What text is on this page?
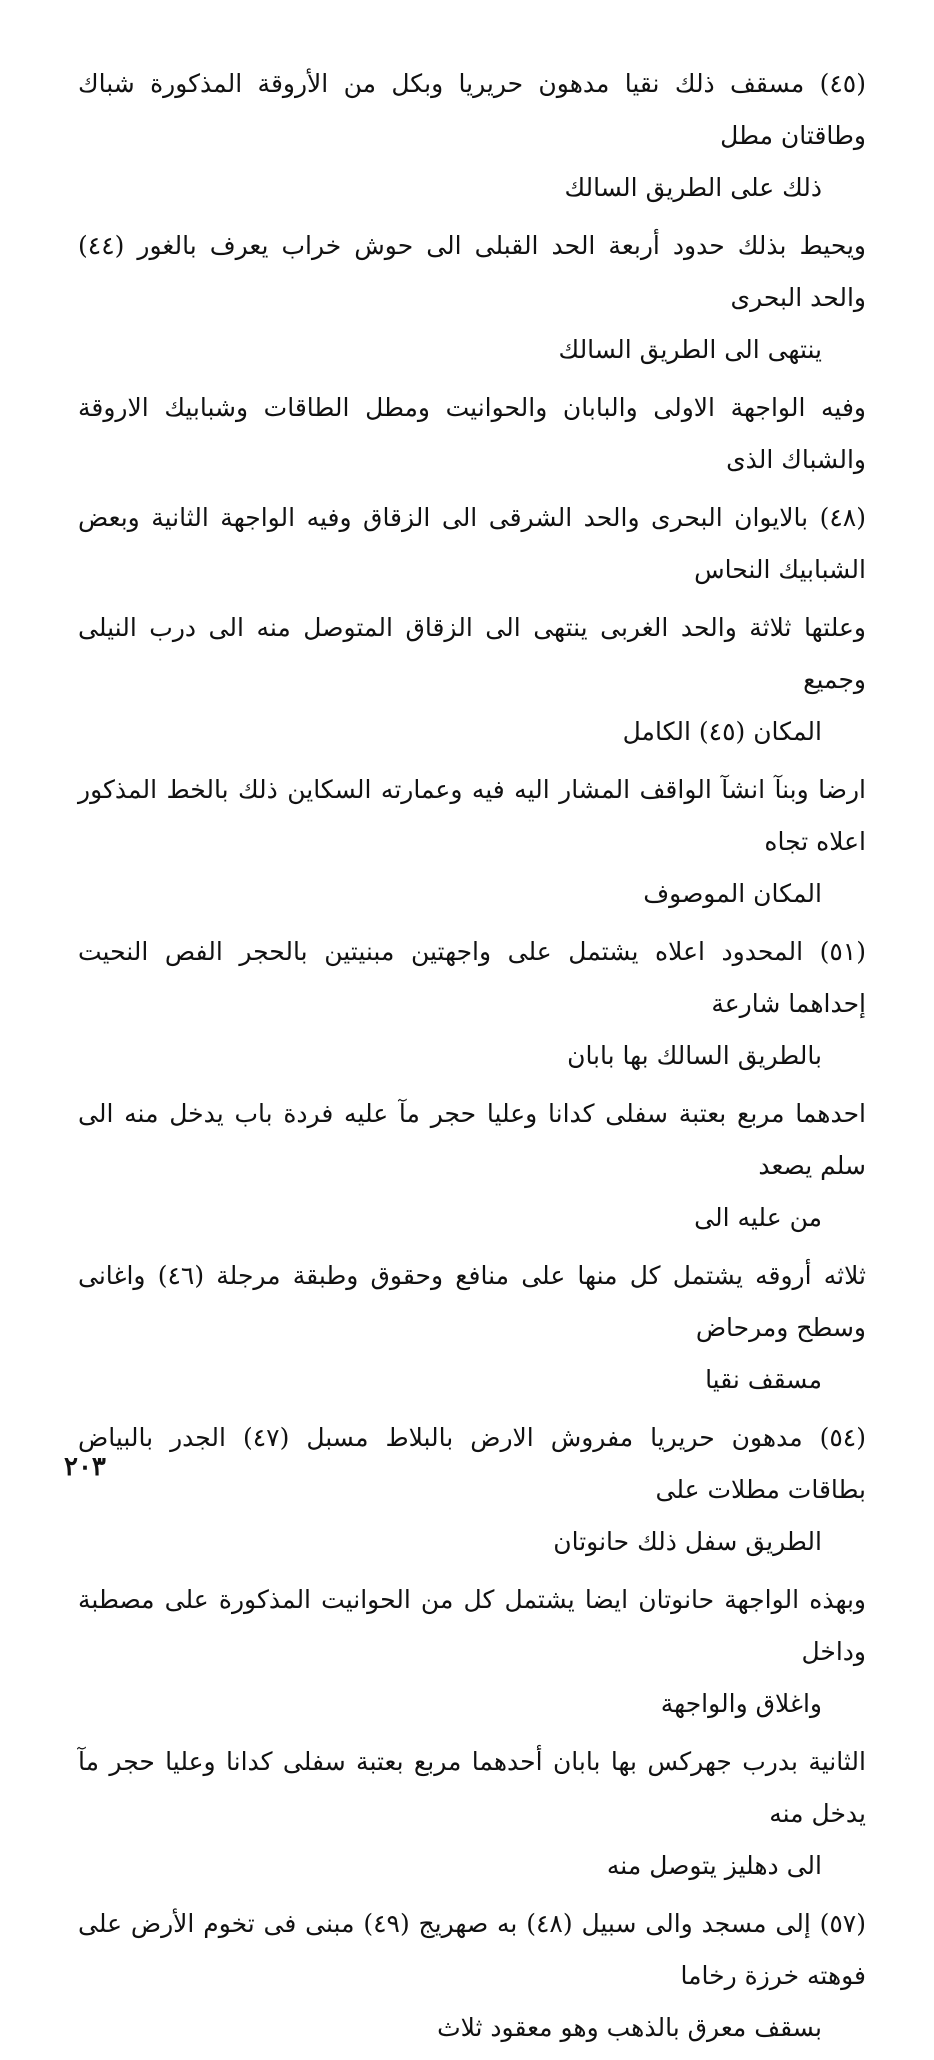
(٤٥) مسقف ذلك نقيا مدهون حريريا وبكل من الأروقة المذكورة شباك وطاقتان مطل
ذلك على الطريق السالك

ويحيط بذلك حدود أربعة الحد القبلى الى حوش خراب يعرف بالغور (٤٤) والحد البحرى
ينتهى الى الطريق السالك

وفيه الواجهة الاولى والبابان والحوانيت ومطل الطاقات وشبابيك الاروقة والشباك الذى

(٤٨) بالايوان البحرى والحد الشرقى الى الزقاق وفيه الواجهة الثانية وبعض الشبابيك النحاس

وعلتها ثلاثة والحد الغربى ينتهى الى الزقاق المتوصل منه الى درب النيلى وجميع
المكان (٤٥) الكامل

ارضا وبنآ انشآ الواقف المشار اليه فيه وعمارته السكاين ذلك بالخط المذكور اعلاه تجاه
المكان الموصوف

(٥١) المحدود اعلاه يشتمل على واجهتين مبنيتين بالحجر الفص النحيت إحداهما شارعة
بالطريق السالك بها بابان

احدهما مربع بعتبة سفلى كدانا وعليا حجر مآ عليه فردة باب يدخل منه الى سلم يصعد
من عليه الى

ثلاثه أروقه يشتمل كل منها على منافع وحقوق وطبقة مرجلة (٤٦) واغانى وسطح ومرحاض
مسقف نقيا

(٥٤) مدهون حريريا مفروش الارض بالبلاط مسبل (٤٧) الجدر بالبياض بطاقات مطلات على
الطريق سفل ذلك حانوتان

وبهذه الواجهة حانوتان ايضا يشتمل كل من الحوانيت المذكورة على مصطبة وداخل
واغلاق والواجهة

الثانية بدرب جهركس بها بابان أحدهما مربع بعتبة سفلى كدانا وعليا حجر مآ يدخل منه
الى دهليز يتوصل منه

(٥٧) إلى مسجد والى سبيل (٤٨) به صهريج (٤٩) مبنى فى تخوم الأرض على فوهته خرزة رخاما
بسقف معرق بالذهب وهو معقود ثلاث

٢٠٣
